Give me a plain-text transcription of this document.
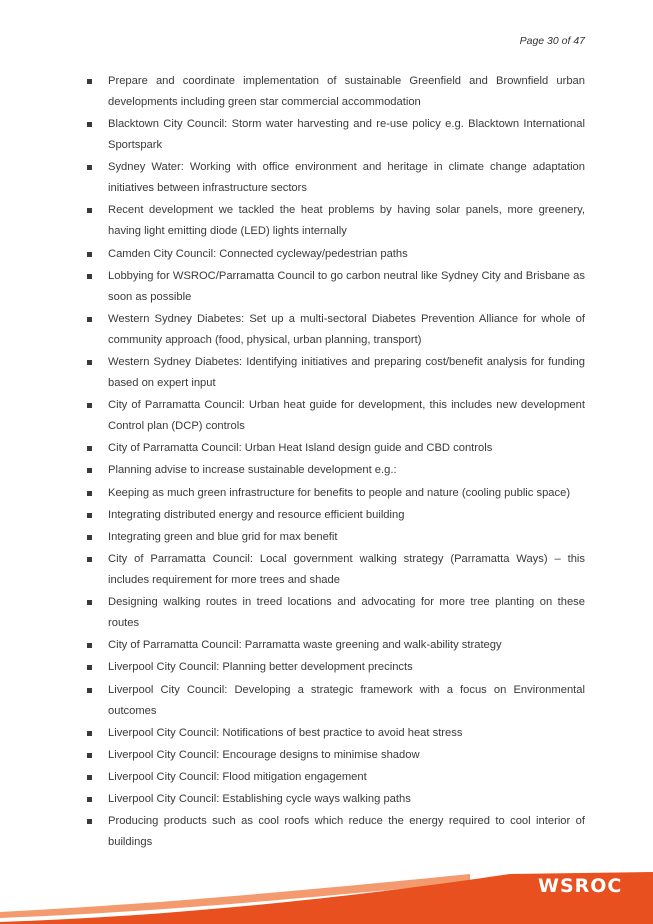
Page 30 of 47
Prepare and coordinate implementation of sustainable Greenfield and Brownfield urban developments including green star commercial accommodation
Blacktown City Council: Storm water harvesting and re-use policy e.g. Blacktown International Sportspark
Sydney Water: Working with office environment and heritage in climate change adaptation initiatives between infrastructure sectors
Recent development we tackled the heat problems by having solar panels, more greenery, having light emitting diode (LED) lights internally
Camden City Council: Connected cycleway/pedestrian paths
Lobbying for WSROC/Parramatta Council to go carbon neutral like Sydney City and Brisbane as soon as possible
Western Sydney Diabetes: Set up a multi-sectoral Diabetes Prevention Alliance for whole of community approach (food, physical, urban planning, transport)
Western Sydney Diabetes: Identifying initiatives and preparing cost/benefit analysis for funding based on expert input
City of Parramatta Council: Urban heat guide for development, this includes new development Control plan (DCP) controls
City of Parramatta Council: Urban Heat Island design guide and CBD controls
Planning advise to increase sustainable development e.g.:
Keeping as much green infrastructure for benefits to people and nature (cooling public space)
Integrating distributed energy and resource efficient building
Integrating green and blue grid for max benefit
City of Parramatta Council: Local government walking strategy (Parramatta Ways) – this includes requirement for more trees and shade
Designing walking routes in treed locations and advocating for more tree planting on these routes
City of Parramatta Council: Parramatta waste greening and walk-ability strategy
Liverpool City Council: Planning better development precincts
Liverpool City Council: Developing a strategic framework with a focus on Environmental outcomes
Liverpool City Council: Notifications of best practice to avoid heat stress
Liverpool City Council: Encourage designs to minimise shadow
Liverpool City Council: Flood mitigation engagement
Liverpool City Council: Establishing cycle ways walking paths
Producing products such as cool roofs which reduce the energy required to cool interior of buildings
WSROC
